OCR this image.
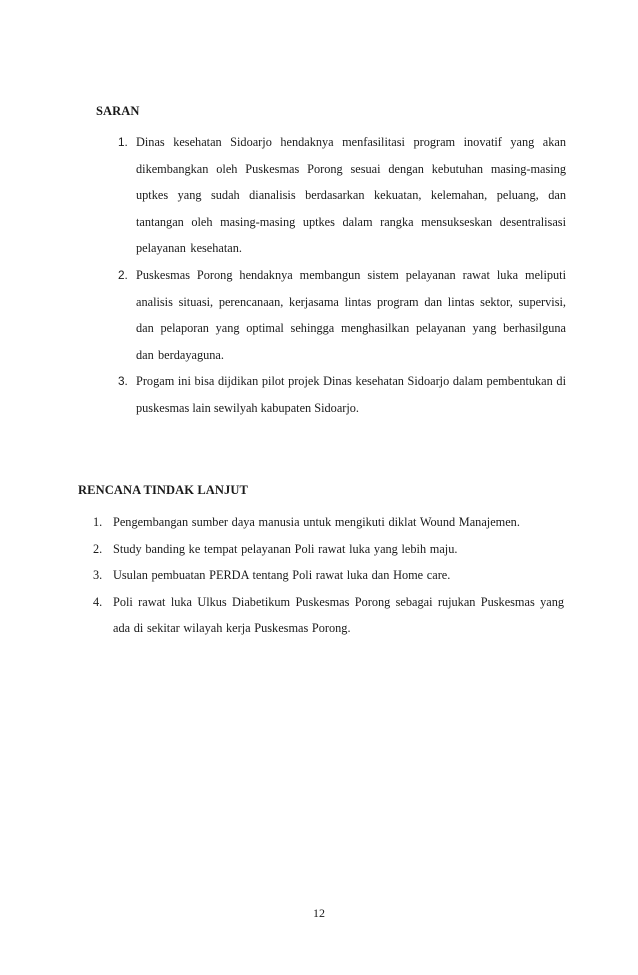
SARAN
1. Dinas kesehatan Sidoarjo hendaknya menfasilitasi program inovatif yang akan dikembangkan oleh Puskesmas Porong sesuai dengan kebutuhan masing-masing uptkes yang sudah dianalisis berdasarkan kekuatan, kelemahan, peluang, dan tantangan oleh masing-masing uptkes dalam rangka mensukseskan desentralisasi pelayanan kesehatan.
2. Puskesmas Porong hendaknya membangun sistem pelayanan rawat luka meliputi analisis situasi, perencanaan, kerjasama lintas program dan lintas sektor, supervisi, dan pelaporan yang optimal sehingga menghasilkan pelayanan yang berhasilguna dan berdayaguna.
3. Progam ini bisa dijdikan pilot projek Dinas kesehatan Sidoarjo dalam pembentukan di puskesmas lain sewilyah kabupaten Sidoarjo.
RENCANA TINDAK LANJUT
1. Pengembangan sumber daya manusia untuk mengikuti diklat Wound Manajemen.
2. Study banding ke tempat pelayanan Poli rawat luka yang lebih maju.
3. Usulan pembuatan PERDA tentang Poli rawat luka dan Home care.
4. Poli rawat luka Ulkus Diabetikum Puskesmas Porong sebagai rujukan Puskesmas yang ada di sekitar wilayah kerja Puskesmas Porong.
12
